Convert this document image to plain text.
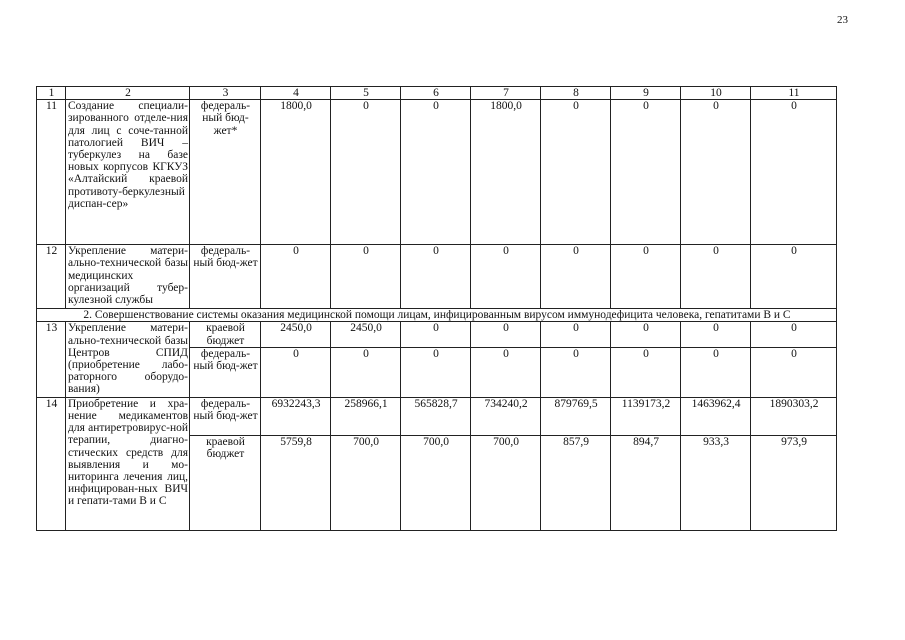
23
1	2	3	4	5	6	7	8	9	10	11
11	Создание специали-зированного отделе-ния для лиц с соче-танной патологией ВИЧ – туберкулез на базе новых корпусов КГКУЗ «Алтайский краевой противоту-беркулезный диспан-сер»	федераль-ный бюд-жет*	1800,0	0	0	1800,0	0	0	0	0
12	Укрепление матери-ально-технической базы медицинских организаций тубер-кулезной службы	федераль-ный бюд-жет	0	0	0	0	0	0	0	0
2. Совершенствование системы оказания медицинской помощи лицам, инфицированным вирусом иммунодефицита человека, гепатитами В и С										
13	Укрепление матери-ально-технической базы Центров СПИД (приобретение лабо-раторного оборудо-вания)	краевой бюджет	2450,0	2450,0	0	0	0	0	0	0
		федераль-ный бюд-жет	0	0	0	0	0	0	0	0
14	Приобретение и хра-нение медикаментов для антиретровирус-ной терапии, диагно-стических средств для выявления и мо-ниторинга лечения лиц, инфицирован-ных ВИЧ и гепати-тами В и С	федераль-ный бюд-жет	6932243,3	258966,1	565828,7	734240,2	879769,5	1139173,2	1463962,4	1890303,2
		краевой бюджет	5759,8	700,0	700,0	700,0	857,9	894,7	933,3	973,9
